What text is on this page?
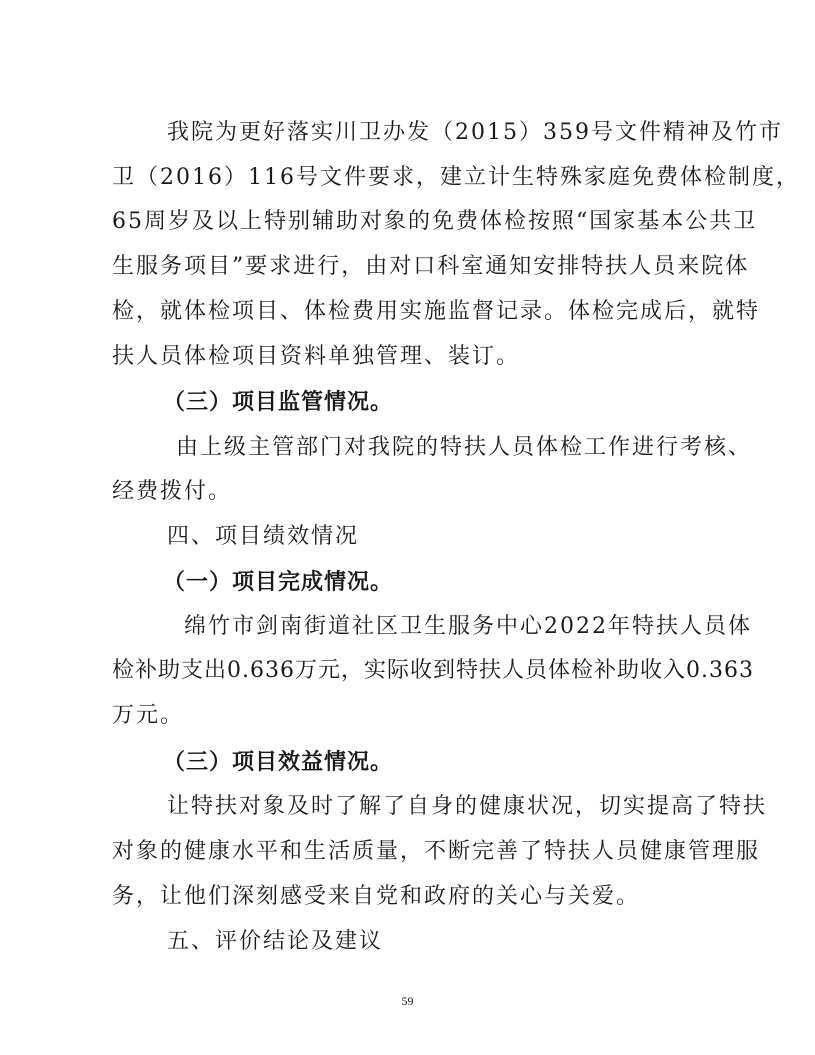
我院为更好落实川卫办发（2015）359号文件精神及竹市
卫（2016）116号文件要求，建立计生特殊家庭免费体检制度，
65周岁及以上特别辅助对象的免费体检按照“国家基本公共卫
生服务项目”要求进行，由对口科室通知安排特扶人员来院体
检，就体检项目、体检费用实施监督记录。体检完成后，就特
扶人员体检项目资料单独管理、装订。
（三）项目监管情况。
由上级主管部门对我院的特扶人员体检工作进行考核、
经费拨付。
四、项目绩效情况
（一）项目完成情况。
绵竹市剑南街道社区卫生服务中心2022年特扶人员体
检补助支出0.636万元，实际收到特扶人员体检补助收入0.363
万元。
（三）项目效益情况。
让特扶对象及时了解了自身的健康状况，切实提高了特扶
对象的健康水平和生活质量，不断完善了特扶人员健康管理服
务，让他们深刻感受来自党和政府的关心与关爱。
五、评价结论及建议
59
